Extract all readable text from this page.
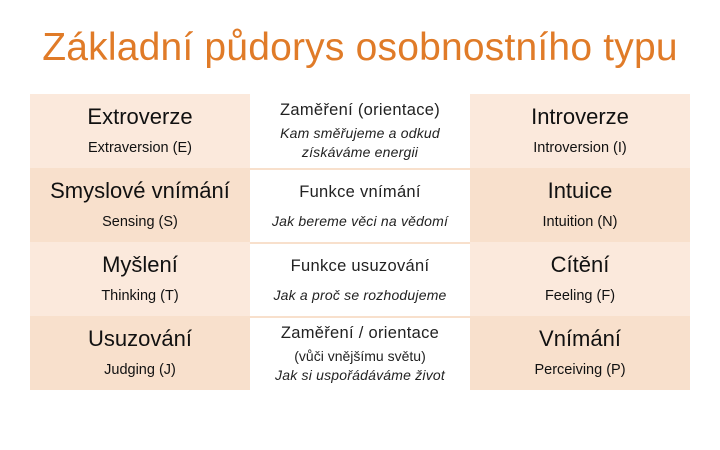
Základní půdorys osobnostního typu
Extroverze
Extraversion (E)
Zaměření (orientace)
Kam směřujeme a odkud získáváme energii
Introverze
Introversion (I)
Smyslové vnímání
Sensing (S)
Funkce vnímání
Jak bereme věci na vědomí
Intuice
Intuition (N)
Myšlení
Thinking (T)
Funkce usuzování
Jak a proč se rozhodujeme
Cítění
Feeling (F)
Usuzování
Judging (J)
Zaměření / orientace
(vůči vnějšímu světu)
Jak si uspořádáváme život
Vnímání
Perceiving (P)
